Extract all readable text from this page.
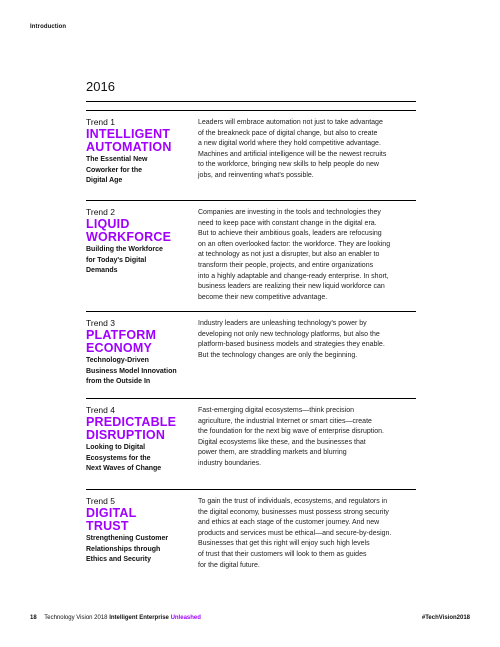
Introduction
2016
Trend 1
INTELLIGENT
AUTOMATION
The Essential New
Coworker for the
Digital Age
Leaders will embrace automation not just to take advantage
of the breakneck pace of digital change, but also to create
a new digital world where they hold competitive advantage.
Machines and artificial intelligence will be the newest recruits
to the workforce, bringing new skills to help people do new
jobs, and reinventing what's possible.
Trend 2
LIQUID
WORKFORCE
Building the Workforce
for Today's Digital
Demands
Companies are investing in the tools and technologies they
need to keep pace with constant change in the digital era.
But to achieve their ambitious goals, leaders are refocusing
on an often overlooked factor: the workforce. They are looking
at technology as not just a disrupter, but also an enabler to
transform their people, projects, and entire organizations
into a highly adaptable and change-ready enterprise. In short,
business leaders are realizing their new liquid workforce can
become their new competitive advantage.
Trend 3
PLATFORM
ECONOMY
Technology-Driven
Business Model Innovation
from the Outside In
Industry leaders are unleashing technology's power by
developing not only new technology platforms, but also the
platform-based business models and strategies they enable.
But the technology changes are only the beginning.
Trend 4
PREDICTABLE
DISRUPTION
Looking to Digital
Ecosystems for the
Next Waves of Change
Fast-emerging digital ecosystems—think precision
agriculture, the industrial Internet or smart cities—create
the foundation for the next big wave of enterprise disruption.
Digital ecosystems like these, and the businesses that
power them, are straddling markets and blurring
industry boundaries.
Trend 5
DIGITAL
TRUST
Strengthening Customer
Relationships through
Ethics and Security
To gain the trust of individuals, ecosystems, and regulators in
the digital economy, businesses must possess strong security
and ethics at each stage of the customer journey. And new
products and services must be ethical—and secure-by-design.
Businesses that get this right will enjoy such high levels
of trust that their customers will look to them as guides
for the digital future.
18 Technology Vision 2018 Intelligent Enterprise Unleashed	#TechVision2018
